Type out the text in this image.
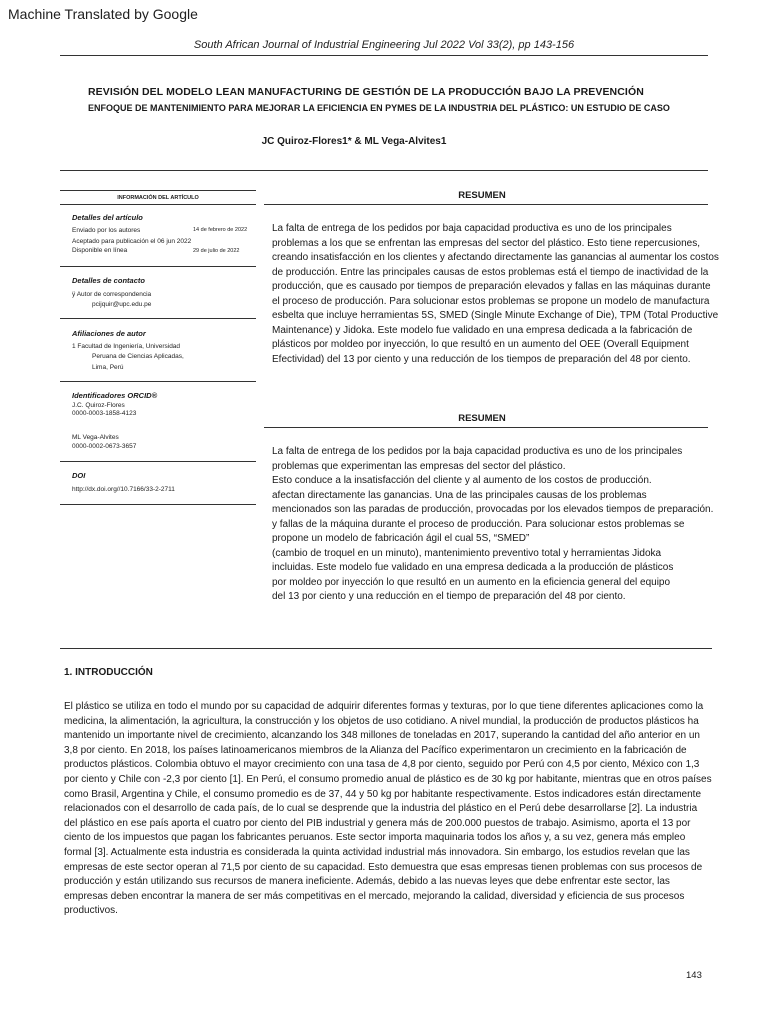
Machine Translated by Google
South African Journal of Industrial Engineering Jul 2022 Vol 33(2), pp 143-156
REVISIÓN DEL MODELO LEAN MANUFACTURING DE GESTIÓN DE LA PRODUCCIÓN BAJO LA PREVENCIÓN
ENFOQUE DE MANTENIMIENTO PARA MEJORAR LA EFICIENCIA EN PYMES DE LA INDUSTRIA DEL PLÁSTICO: UN ESTUDIO DE CASO
JC Quiroz-Flores1* & ML Vega-Alvites1
INFORMACIÓN DEL ARTÍCULO
Detalles del artículo
Enviado por los autores	14 de febrero de 2022
Aceptado para publicación el 06 jun 2022
Disponible en línea	29 de julio de 2022
Detalles de contacto
ÿ Autor de correspondencia
pcijquir@upc.edu.pe
Afiliaciones de autor
1 Facultad de Ingeniería, Universidad
Peruana de Ciencias Aplicadas,
Lima, Perú
Identificadores ORCID®
J.C. Quiroz-Flores
0000-0003-1858-4123
ML Vega-Alvites
0000-0002-0673-3657
DOI
http://dx.doi.org//10.7166/33-2-2711
RESUMEN

La falta de entrega de los pedidos por baja capacidad productiva es uno de los principales problemas a los que se enfrentan las empresas del sector del plástico. Esto tiene repercusiones, creando insatisfacción en los clientes y afectando directamente las ganancias al aumentar los costos de producción. Entre las principales causas de estos problemas está el tiempo de inactividad de la producción, que es causado por tiempos de preparación elevados y fallas en las máquinas durante el proceso de producción. Para solucionar estos problemas se propone un modelo de manufactura esbelta que incluye herramientas 5S, SMED (Single Minute Exchange of Die), TPM (Total Productive Maintenance) y Jidoka. Este modelo fue validado en una empresa dedicada a la fabricación de plásticos por moldeo por inyección, lo que resultó en un aumento del OEE (Overall Equipment Efectividad) del 13 por ciento y una reducción de los tiempos de preparación del 48 por ciento.

RESUMEN
La falta de entrega de los pedidos por la baja capacidad productiva es uno de los principales
problemas que experimentan las empresas del sector del plástico.
Esto conduce a la insatisfacción del cliente y al aumento de los costos de producción.
afectan directamente las ganancias. Una de las principales causas de los problemas
mencionados son las paradas de producción, provocadas por los elevados tiempos de preparación.
y fallas de la máquina durante el proceso de producción. Para solucionar estos problemas se
propone un modelo de fabricación ágil el cual 5S, “SMED”
(cambio de troquel en un minuto), mantenimiento preventivo total y herramientas Jidoka
incluidas. Este modelo fue validado en una empresa dedicada a la producción de plásticos
por moldeo por inyección lo que resultó en un aumento en la eficiencia general del equipo
del 13 por ciento y una reducción en el tiempo de preparación del 48 por ciento.
1. INTRODUCCIÓN
El plástico se utiliza en todo el mundo por su capacidad de adquirir diferentes formas y texturas, por lo que tiene diferentes aplicaciones como la medicina, la alimentación, la agricultura, la construcción y los objetos de uso cotidiano. A nivel mundial, la producción de productos plásticos ha mantenido un importante nivel de crecimiento, alcanzando los 348 millones de toneladas en 2017, superando la cantidad del año anterior en un 3,8 por ciento. En 2018, los países latinoamericanos miembros de la Alianza del Pacífico experimentaron un crecimiento en la fabricación de productos plásticos. Colombia obtuvo el mayor crecimiento con una tasa de 4,8 por ciento, seguido por Perú con 4,5 por ciento, México con 1,3 por ciento y Chile con -2,3 por ciento [1]. En Perú, el consumo promedio anual de plástico es de 30 kg por habitante, mientras que en otros países como Brasil, Argentina y Chile, el consumo promedio es de 37, 44 y 50 kg por habitante respectivamente. Estos indicadores están directamente relacionados con el desarrollo de cada país, de lo cual se desprende que la industria del plástico en el Perú debe desarrollarse [2]. La industria del plástico en ese país aporta el cuatro por ciento del PIB industrial y genera más de 200.000 puestos de trabajo. Asimismo, aporta el 13 por ciento de los impuestos que pagan los fabricantes peruanos. Este sector importa maquinaria todos los años y, a su vez, genera más empleo formal [3]. Actualmente esta industria es considerada la quinta actividad industrial más innovadora. Sin embargo, los estudios revelan que las empresas de este sector operan al 71,5 por ciento de su capacidad. Esto demuestra que esas empresas tienen problemas con sus procesos de producción y están utilizando sus recursos de manera ineficiente. Además, debido a las nuevas leyes que debe enfrentar este sector, las empresas deben encontrar la manera de ser más competitivas en el mercado, mejorando la calidad, diversidad y eficiencia de sus procesos productivos.
143
